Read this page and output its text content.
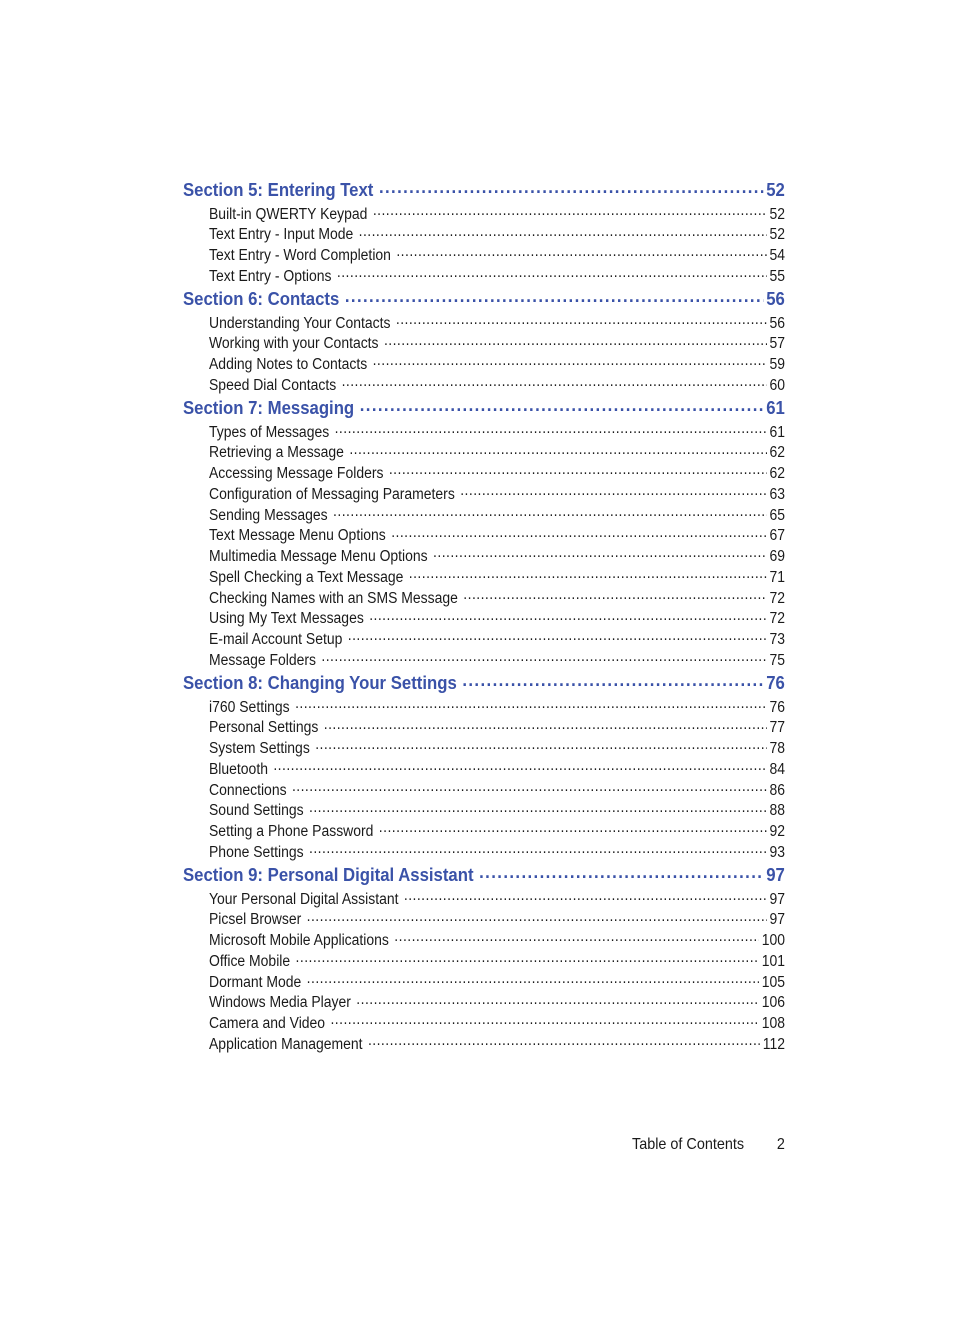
Section 5: Entering Text .....	52
Built-in QWERTY Keypad .....	52
Text Entry - Input Mode .....	52
Text Entry - Word Completion .....	54
Text Entry - Options .....	55
Section 6: Contacts .....	56
Understanding Your Contacts .....	56
Working with your Contacts .....	57
Adding Notes to Contacts .....	59
Speed Dial Contacts .....	60
Section 7: Messaging .....	61
Types of Messages .....	61
Retrieving a Message .....	62
Accessing Message Folders .....	62
Configuration of Messaging Parameters .....	63
Sending Messages .....	65
Text Message Menu Options .....	67
Multimedia Message Menu Options .....	69
Spell Checking a Text Message .....	71
Checking Names with an SMS Message .....	72
Using My Text Messages .....	72
E-mail Account Setup .....	73
Message Folders .....	75
Section 8: Changing Your Settings .....	76
i760 Settings .....	76
Personal Settings .....	77
System Settings .....	78
Bluetooth .....	84
Connections .....	86
Sound Settings .....	88
Setting a Phone Password .....	92
Phone Settings .....	93
Section 9: Personal Digital Assistant .....	97
Your Personal Digital Assistant .....	97
Picsel Browser .....	97
Microsoft Mobile Applications .....	100
Office Mobile .....	101
Dormant Mode .....	105
Windows Media Player .....	106
Camera and Video .....	108
Application Management .....	112
Table of Contents 2
